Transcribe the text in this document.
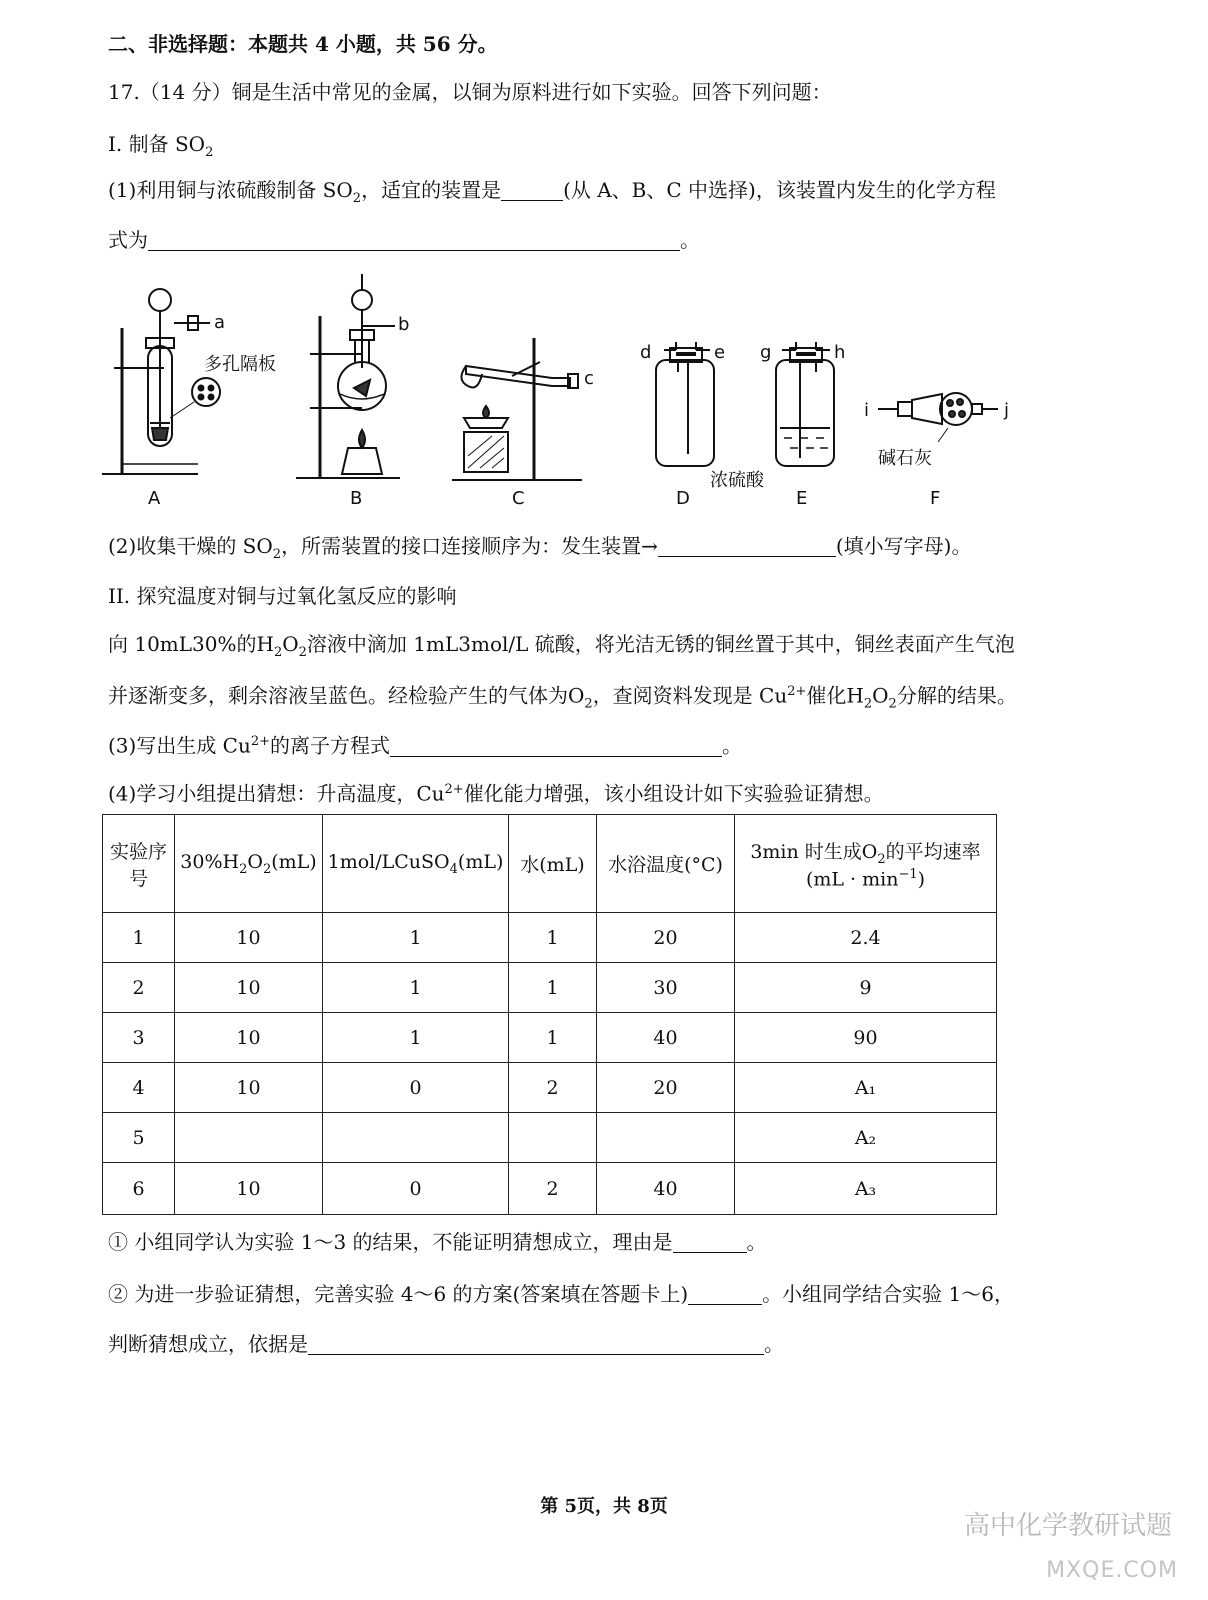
二、非选择题：本题共 4 小题，共 56 分。
17.（14 分）铜是生活中常见的金属，以铜为原料进行如下实验。回答下列问题：
I. 制备 $SO_2$
(1)利用铜与浓硫酸制备 $SO_2$，适宜的装置是	(从 A、B、C 中选择)，该装置内发生的化学方程
式为	。
A	B	C	D	E	F
a	b
c
d	e g	h
i	j
多孔隔板
浓硫酸
碱石灰
(2)收集干燥的 $SO_2$，所需装置的接口连接顺序为：发生装置→	(填小写字母)。
II. 探究温度对铜与过氧化氢反应的影响
向 10mL30%的$H_2O_2$溶液中滴加 1mL3mol/L 硫酸，将光洁无锈的铜丝置于其中，铜丝表面产生气泡
并逐渐变多，剩余溶液呈蓝色。经检验产生的气体为$O_2$，查阅资料发现是 $Cu^{2+}$催化$H_2O_2$分解的结果。
(3)写出生成 $Cu^{2+}$的离子方程式	。
(4)学习小组提出猜想：升高温度，$Cu^{2+}$催化能力增强，该小组设计如下实验验证猜想。
实验序
号	$30\%H_2O_2(mL)$	1mol/LCuSO$_4$(mL)	水(mL)	水浴温度(°C)	3min 时生成$O_2$的平均速率
$(mL \cdot \min^{-1})$
1	10	1	1	20	2.4
2	10	1	1	30	9
3	10	1	1	40	90
4	10	0	2	20	A₁
5					A₂
6	10	0	2	40	A₃
① 小组同学认为实验 1～3 的结果，不能证明猜想成立，理由是	。
② 为进一步验证猜想，完善实验 4～6 的方案(答案填在答题卡上)	。小组同学结合实验 1～6，
判断猜想成立，依据是	。
第 5页，共 8页
高中化学教研试题
MXQE.COM
